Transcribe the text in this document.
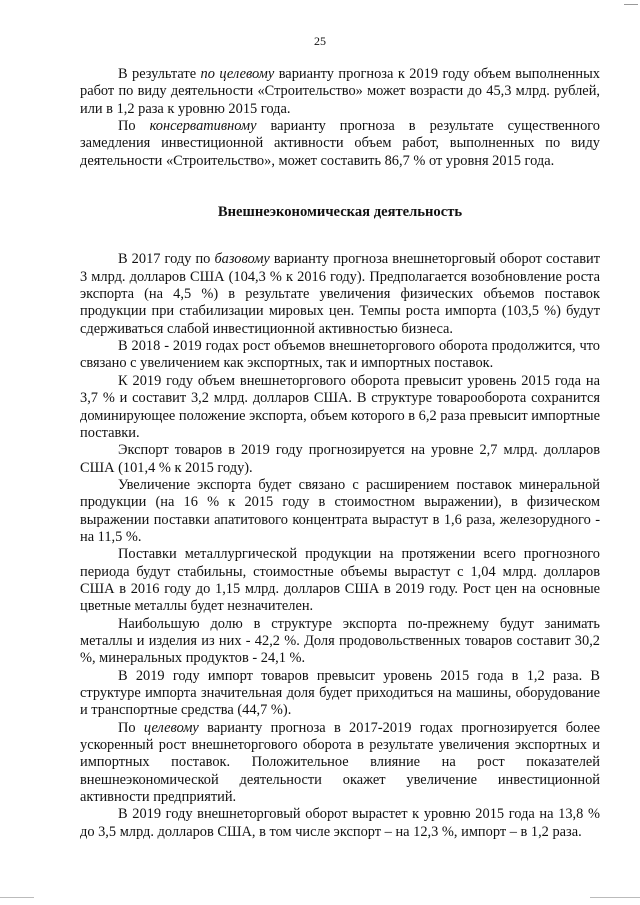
25

В результате по целевому варианту прогноза к 2019 году объем выполненных работ по виду деятельности «Строительство» может возрасти до 45,3 млрд. рублей, или в 1,2 раза к уровню 2015 года.

По консервативному варианту прогноза в результате существенного замедления инвестиционной активности объем работ, выполненных по виду деятельности «Строительство», может составить 86,7 % от уровня 2015 года.

Внешнеэкономическая деятельность

В 2017 году по базовому варианту прогноза внешнеторговый оборот составит 3 млрд. долларов США (104,3 % к 2016 году). Предполагается возобновление роста экспорта (на 4,5 %) в результате увеличения физических объемов поставок продукции при стабилизации мировых цен. Темпы роста импорта (103,5 %) будут сдерживаться слабой инвестиционной активностью бизнеса.

В 2018 - 2019 годах рост объемов внешнеторгового оборота продолжится, что связано с увеличением как экспортных, так и импортных поставок.

К 2019 году объем внешнеторгового оборота превысит уровень 2015 года на 3,7 % и составит 3,2 млрд. долларов США. В структуре товарооборота сохранится доминирующее положение экспорта, объем которого в 6,2 раза превысит импортные поставки.

Экспорт товаров в 2019 году прогнозируется на уровне 2,7 млрд. долларов США (101,4 % к 2015 году).

Увеличение экспорта будет связано с расширением поставок минеральной продукции (на 16 % к 2015 году в стоимостном выражении), в физическом выражении поставки апатитового концентрата вырастут в 1,6 раза, железорудного - на 11,5 %.

Поставки металлургической продукции на протяжении всего прогнозного периода будут стабильны, стоимостные объемы вырастут с 1,04 млрд. долларов США в 2016 году до 1,15 млрд. долларов США в 2019 году. Рост цен на основные цветные металлы будет незначителен.

Наибольшую долю в структуре экспорта по-прежнему будут занимать металлы и изделия из них - 42,2 %. Доля продовольственных товаров составит 30,2 %, минеральных продуктов - 24,1 %.

В 2019 году импорт товаров превысит уровень 2015 года в 1,2 раза. В структуре импорта значительная доля будет приходиться на машины, оборудование и транспортные средства (44,7 %).

По целевому варианту прогноза в 2017-2019 годах прогнозируется более ускоренный рост внешнеторгового оборота в результате увеличения экспортных и импортных поставок. Положительное влияние на рост показателей внешнеэкономической деятельности окажет увеличение инвестиционной активности предприятий.

В 2019 году внешнеторговый оборот вырастет к уровню 2015 года на 13,8 % до 3,5 млрд. долларов США, в том числе экспорт – на 12,3 %, импорт – в 1,2 раза.
